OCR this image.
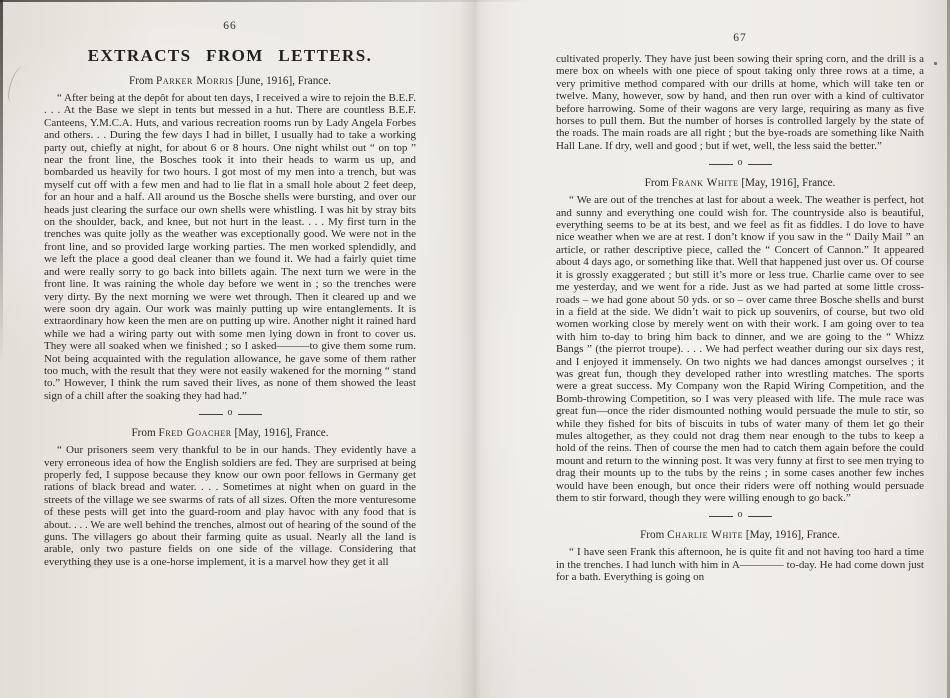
66
EXTRACTS FROM LETTERS.
From Parker Morris [June, 1916], France.

“ After being at the depôt for about ten days, I received a wire to rejoin the B.E.F. . . . At the Base we slept in tents but messed in a hut. There are countless B.E.F. Canteens, Y.M.C.A. Huts, and various recreation rooms run by Lady Angela Forbes and others. . . During the few days I had in billet, I usually had to take a working party out, chiefly at night, for about 6 or 8 hours. One night whilst out “ on top ” near the front line, the Bosches took it into their heads to warm us up, and bombarded us heavily for two hours. I got most of my men into a trench, but was myself cut off with a few men and had to lie flat in a small hole about 2 feet deep, for an hour and a half. All around us the Bosche shells were bursting, and over our heads just clearing the surface our own shells were whistling. I was hit by stray bits on the shoulder, back, and knee, but not hurt in the least. . . . My first turn in the trenches was quite jolly as the weather was exceptionally good. We were not in the front line, and so provided large working parties. The men worked splendidly, and we left the place a good deal cleaner than we found it. We had a fairly quiet time and were really sorry to go back into billets again. The next turn we were in the front line. It was raining the whole day before we went in ; so the trenches were very dirty. By the next morning we were wet through. Then it cleared up and we were soon dry again. Our work was mainly putting up wire entanglements. It is extraordinary how keen the men are on putting up wire. Another night it rained hard while we had a wiring party out with some men lying down in front to cover us. They were all soaked when we finished ; so I asked———to give them some rum. Not being acquainted with the regulation allowance, he gave some of them rather too much, with the result that they were not easily wakened for the morning “ stand to.” However, I think the rum saved their lives, as none of them showed the least sign of a chill after the soaking they had had.”

o
From Fred Goacher [May, 1916], France.

“ Our prisoners seem very thankful to be in our hands. They evidently have a very erroneous idea of how the English soldiers are fed. They are surprised at being properly fed, I suppose because they know our own poor fellows in Germany get rations of black bread and water. . . . Sometimes at night when on guard in the streets of the village we see swarms of rats of all sizes. Often the more venturesome of these pests will get into the guard-room and play havoc with any food that is about. . . . We are well behind the trenches, almost out of hearing of the sound of the guns. The villagers go about their farming quite as usual. Nearly all the land is arable, only two pasture fields on one side of the village. Considering that everything they use is a one-horse implement, it is a marvel how they get it all

67

cultivated properly. They have just been sowing their spring corn, and the drill is a mere box on wheels with one piece of spout taking only three rows at a time, a very primitive method compared with our drills at home, which will take ten or twelve. Many, however, sow by hand, and then run over with a kind of cultivator before harrowing. Some of their wagons are very large, requiring as many as five horses to pull them. But the number of horses is controlled largely by the state of the roads. The main roads are all right ; but the bye-roads are something like Naith Hall Lane. If dry, well and good ; but if wet, well, the less said the better.”

o
From Frank White [May, 1916], France.

“ We are out of the trenches at last for about a week. The weather is perfect, hot and sunny and everything one could wish for. The countryside also is beautiful, everything seems to be at its best, and we feel as fit as fiddles. I do love to have nice weather when we are at rest. I don’t know if you saw in the “ Daily Mail ” an article, or rather descriptive piece, called the “ Concert of Cannon.” It appeared about 4 days ago, or something like that. Well that happened just over us. Of course it is grossly exaggerated ; but still it’s more or less true. Charlie came over to see me yesterday, and we went for a ride. Just as we had parted at some little cross-roads – we had gone about 50 yds. or so – over came three Bosche shells and burst in a field at the side. We didn’t wait to pick up souvenirs, of course, but two old women working close by merely went on with their work. I am going over to tea with him to-day to bring him back to dinner, and we are going to the “ Whizz Bangs ” (the pierrot troupe). . . . We had perfect weather during our six days rest, and I enjoyed it immensely. On two nights we had dances amongst ourselves ; it was great fun, though they developed rather into wrestling matches. The sports were a great success. My Company won the Rapid Wiring Competition, and the Bomb-throwing Competition, so I was very pleased with life. The mule race was great fun—once the rider dismounted nothing would persuade the mule to stir, so while they fished for bits of biscuits in tubs of water many of them let go their mules altogether, as they could not drag them near enough to the tubs to keep a hold of the reins. Then of course the men had to catch them again before the could mount and return to the winning post. It was very funny at first to see men trying to drag their mounts up to the tubs by the reins ; in some cases another few inches would have been enough, but once their riders were off nothing would persuade them to stir forward, though they were willing enough to go back.”

o
From Charlie White [May, 1916], France.

“ I have seen Frank this afternoon, he is quite fit and not having too hard a time in the trenches. I had lunch with him in A———— to-day. He had come down just for a bath. Everything is going on
